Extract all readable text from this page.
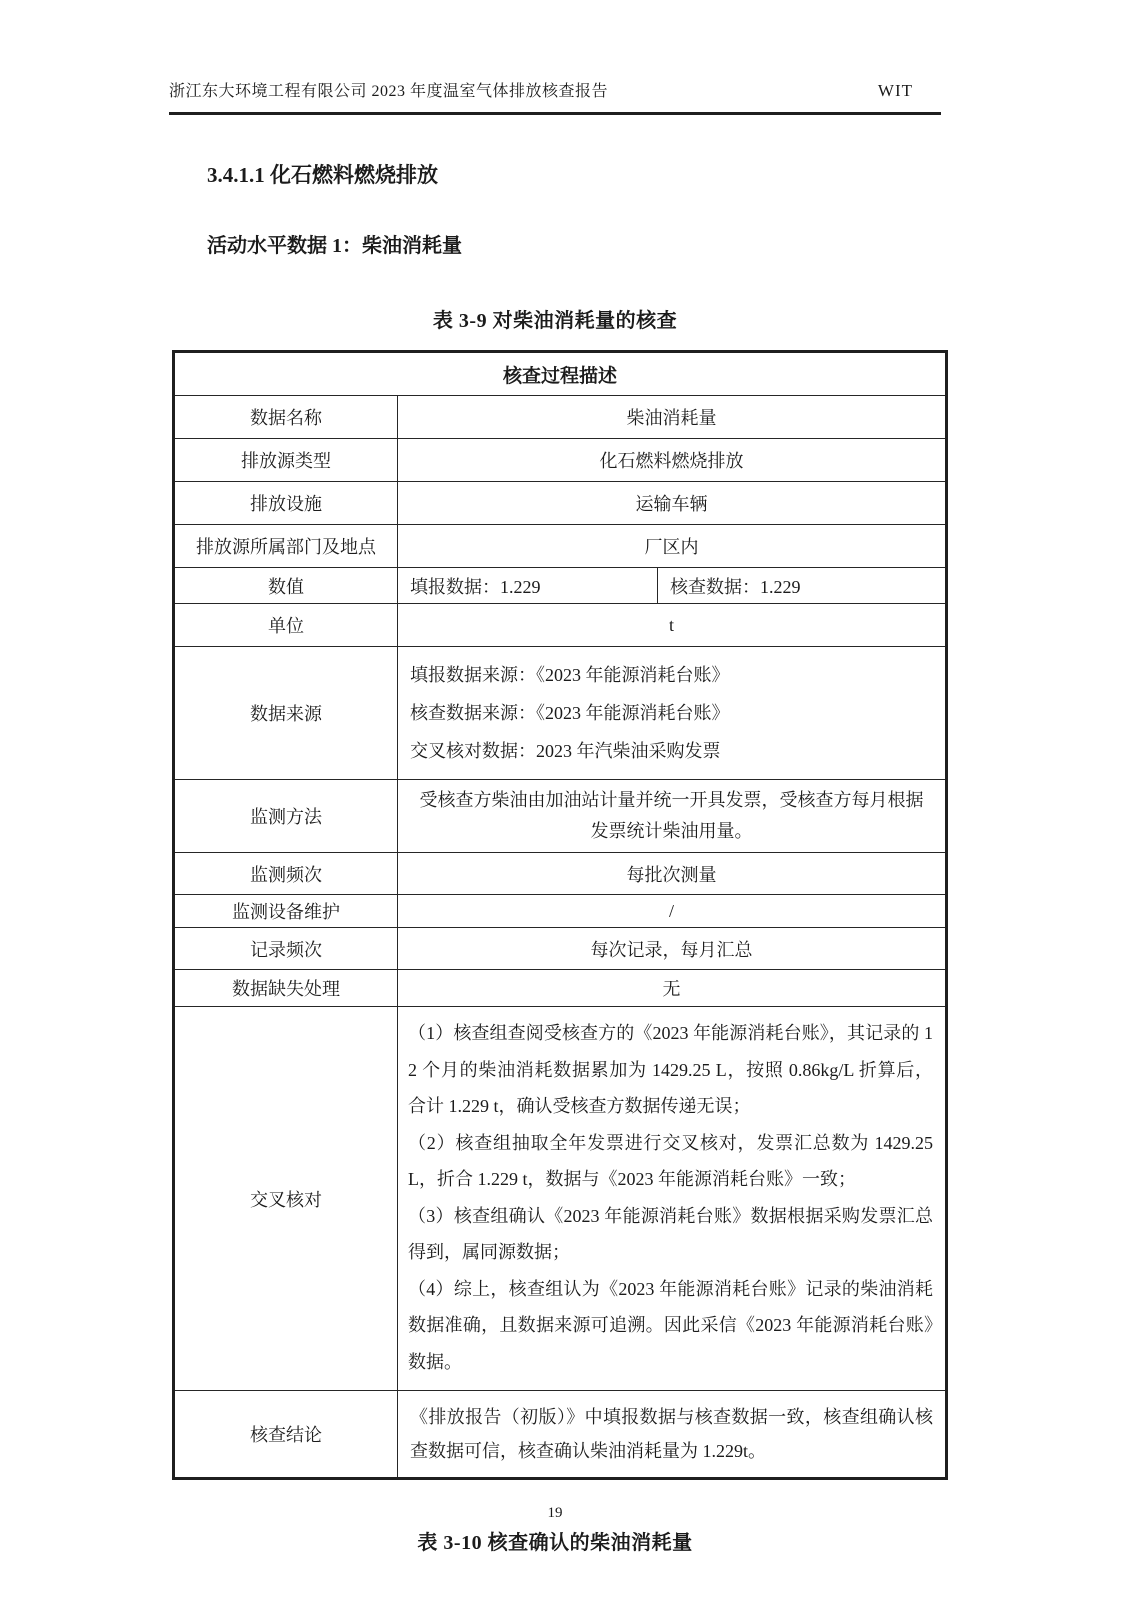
浙江东大环境工程有限公司 2023 年度温室气体排放核查报告	WIT
3.4.1.1 化石燃料燃烧排放
活动水平数据 1：柴油消耗量
表 3-9 对柴油消耗量的核查
核查过程描述		
数据名称	柴油消耗量	
排放源类型	化石燃料燃烧排放	
排放设施	运输车辆	
排放源所属部门及地点	厂区内	
数值	填报数据：1.229	核查数据：1.229
单位	t	
数据来源	填报数据来源：《2023 年能源消耗台账》
核查数据来源：《2023 年能源消耗台账》
交叉核对数据：2023 年汽柴油采购发票	

监测方法	受核查方柴油由加油站计量并统一开具发票，受核查方每月根据发票统计柴油用量。	
监测频次	每批次测量	
监测设备维护	/	
记录频次	每次记录，每月汇总	
数据缺失处理	无	
交叉核对	（1）核查组查阅受核查方的《2023 年能源消耗台账》，其记录的 12 个月的柴油消耗数据累加为 1429.25 L，按照 0.86kg/L 折算后，合计 1.229 t，确认受核查方数据传递无误；

（2）核查组抽取全年发票进行交叉核对，发票汇总数为 1429.25 L，折合 1.229 t，数据与《2023 年能源消耗台账》一致；

（3）核查组确认《2023 年能源消耗台账》数据根据采购发票汇总得到，属同源数据；

（4）综上，核查组认为《2023 年能源消耗台账》记录的柴油消耗数据准确，且数据来源可追溯。因此采信《2023 年能源消耗台账》数据。	

核查结论	《排放报告（初版）》中填报数据与核查数据一致，核查组确认核查数据可信，核查确认柴油消耗量为 1.229t。	
表 3-10 核查确认的柴油消耗量
19
